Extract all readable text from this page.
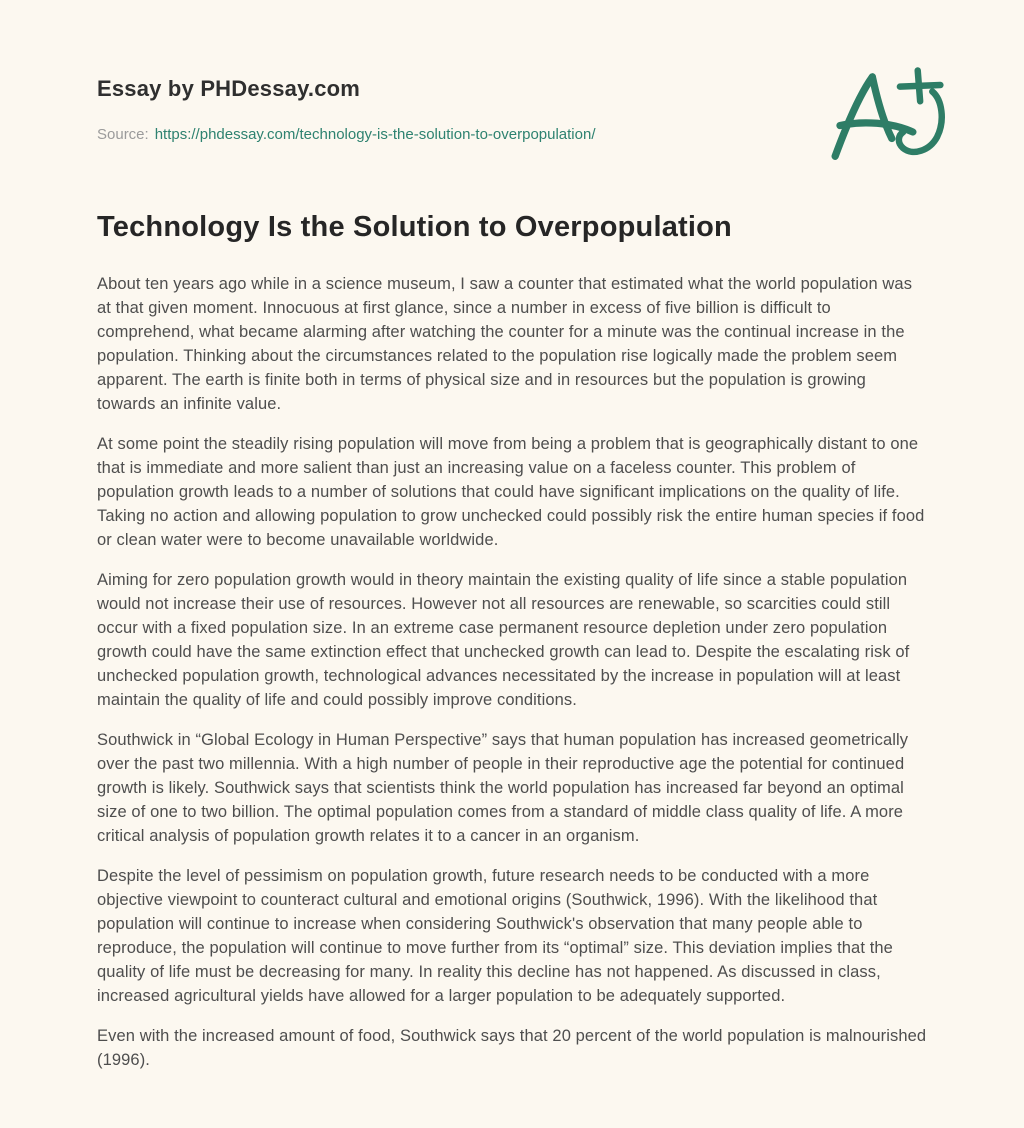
Essay by PHDessay.com
Source: https://phdessay.com/technology-is-the-solution-to-overpopulation/
Technology Is the Solution to Overpopulation

About ten years ago while in a science museum, I saw a counter that estimated what the world population was at that given moment. Innocuous at first glance, since a number in excess of five billion is difficult to comprehend, what became alarming after watching the counter for a minute was the continual increase in the population. Thinking about the circumstances related to the population rise logically made the problem seem apparent. The earth is finite both in terms of physical size and in resources but the population is growing towards an infinite value.

At some point the steadily rising population will move from being a problem that is geographically distant to one that is immediate and more salient than just an increasing value on a faceless counter. This problem of population growth leads to a number of solutions that could have significant implications on the quality of life. Taking no action and allowing population to grow unchecked could possibly risk the entire human species if food or clean water were to become unavailable worldwide.

Aiming for zero population growth would in theory maintain the existing quality of life since a stable population would not increase their use of resources. However not all resources are renewable, so scarcities could still occur with a fixed population size. In an extreme case permanent resource depletion under zero population growth could have the same extinction effect that unchecked growth can lead to. Despite the escalating risk of unchecked population growth, technological advances necessitated by the increase in population will at least maintain the quality of life and could possibly improve conditions.

Southwick in “Global Ecology in Human Perspective” says that human population has increased geometrically over the past two millennia. With a high number of people in their reproductive age the potential for continued growth is likely. Southwick says that scientists think the world population has increased far beyond an optimal size of one to two billion. The optimal population comes from a standard of middle class quality of life. A more critical analysis of population growth relates it to a cancer in an organism.

Despite the level of pessimism on population growth, future research needs to be conducted with a more objective viewpoint to counteract cultural and emotional origins (Southwick, 1996). With the likelihood that population will continue to increase when considering Southwick's observation that many people able to reproduce, the population will continue to move further from its “optimal” size. This deviation implies that the quality of life must be decreasing for many. In reality this decline has not happened. As discussed in class, increased agricultural yields have allowed for a larger population to be adequately supported.

Even with the increased amount of food, Southwick says that 20 percent of the world population is malnourished (1996).
